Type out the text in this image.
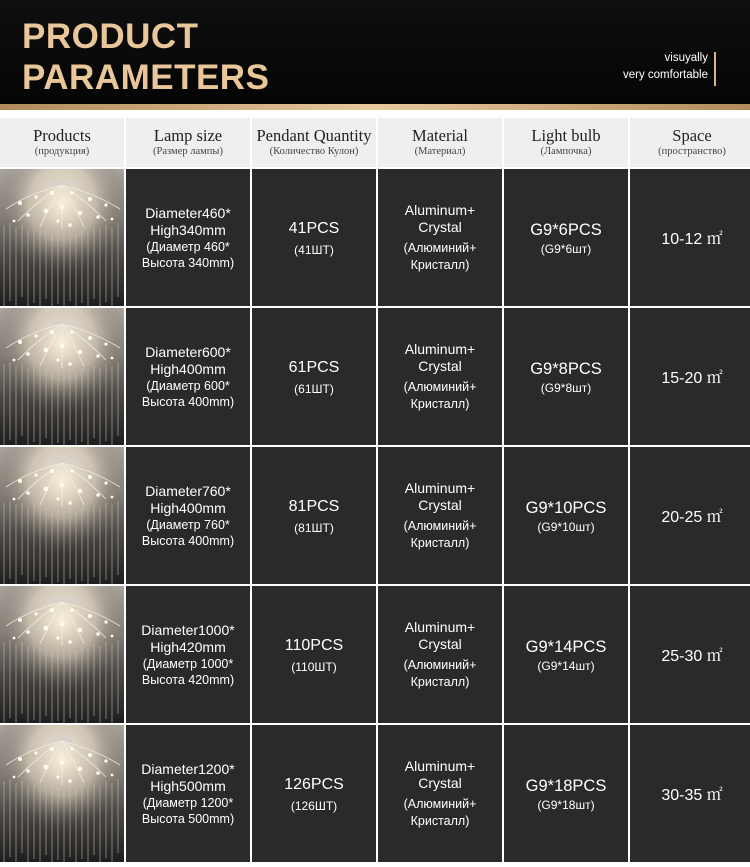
PRODUCT
PARAMETERS	visuyally
very comfortable
Products
(продукция)
Lamp size
(Размер лампы)
Pendant Quantity
(Количество Кулон)
Material
(Материал)
Light bulb
(Лампочка)
Space
(пространство)
Diameter460*
High340mm
(Диаметр 460*
Высота 340mm)
41PCS
(41ШТ)
Aluminum+
Crystal
(Алюминий+
Кристалл)
G9*6PCS
(G9*6шт)
10-12 ㎡
Diameter600*
High400mm
(Диаметр 600*
Высота 400mm)
61PCS
(61ШТ)
Aluminum+
Crystal
(Алюминий+
Кристалл)
G9*8PCS
(G9*8шт)
15-20 ㎡
Diameter760*
High400mm
(Диаметр 760*
Высота 400mm)
81PCS
(81ШТ)
Aluminum+
Crystal
(Алюминий+
Кристалл)
G9*10PCS
(G9*10шт)
20-25 ㎡
Diameter1000*
High420mm
(Диаметр 1000*
Высота 420mm)
110PCS
(110ШТ)
Aluminum+
Crystal
(Алюминий+
Кристалл)
G9*14PCS
(G9*14шт)
25-30 ㎡
Diameter1200*
High500mm
(Диаметр 1200*
Высота 500mm)
126PCS
(126ШТ)
Aluminum+
Crystal
(Алюминий+
Кристалл)
G9*18PCS
(G9*18шт)
30-35 ㎡
